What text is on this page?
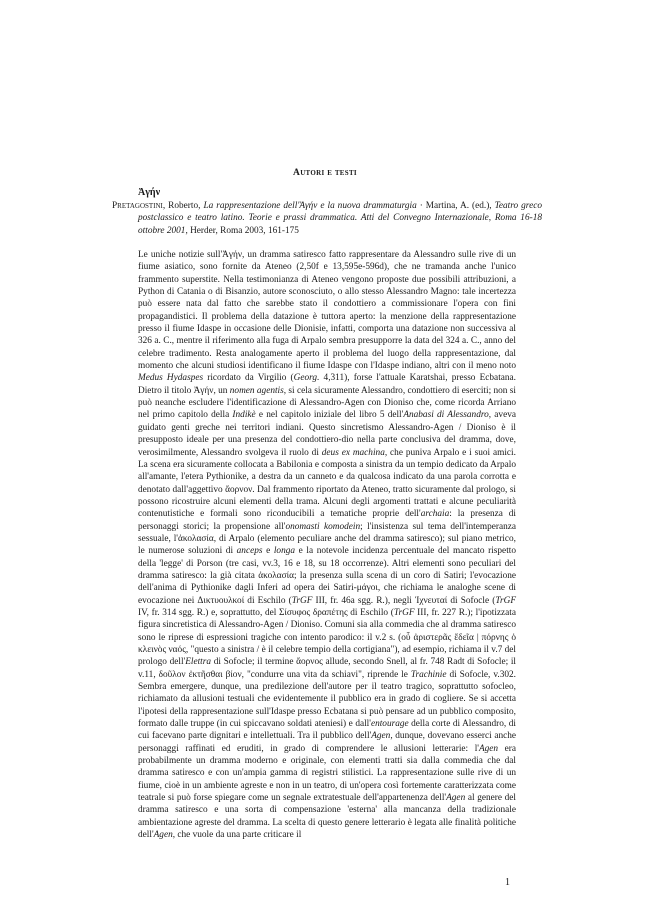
Autori e testi
Ἀγήν
Pretagostini, Roberto, La rappresentazione dell'Ἀγήν e la nuova drammaturgia · Martina, A. (ed.), Teatro greco postclassico e teatro latino. Teorie e prassi drammatica. Atti del Convegno Internazionale, Roma 16-18 ottobre 2001, Herder, Roma 2003, 161-175
Le uniche notizie sull'Ἀγήν, un dramma satiresco fatto rappresentare da Alessandro sulle rive di un fiume asiatico, sono fornite da Ateneo (2,50f e 13,595e-596d), che ne tramanda anche l'unico frammento superstite. Nella testimonianza di Ateneo vengono proposte due possibili attribuzioni, a Python di Catania o di Bisanzio, autore sconosciuto, o allo stesso Alessandro Magno: tale incertezza può essere nata dal fatto che sarebbe stato il condottiero a commissionare l'opera con fini propagandistici. Il problema della datazione è tuttora aperto: la menzione della rappresentazione presso il fiume Idaspe in occasione delle Dionisie, infatti, comporta una datazione non successiva al 326 a. C., mentre il riferimento alla fuga di Arpalo sembra presupporre la data del 324 a. C., anno del celebre tradimento. Resta analogamente aperto il problema del luogo della rappresentazione, dal momento che alcuni studiosi identificano il fiume Idaspe con l'Idaspe indiano, altri con il meno noto Medus Hydaspes ricordato da Virgilio (Georg. 4,311), forse l'attuale Karatshai, presso Ecbatana. Dietro il titolo Ἀγήν, un nomen agentis, si cela sicuramente Alessandro, condottiero di eserciti; non si può neanche escludere l'identificazione di Alessandro-Agen con Dioniso che, come ricorda Arriano nel primo capitolo della Indikè e nel capitolo iniziale del libro 5 dell'Anabasi di Alessandro, aveva guidato genti greche nei territori indiani. Questo sincretismo Alessandro-Agen / Dioniso è il presupposto ideale per una presenza del condottiero-dio nella parte conclusiva del dramma, dove, verosimilmente, Alessandro svolgeva il ruolo di deus ex machina, che puniva Arpalo e i suoi amici. La scena era sicuramente collocata a Babilonia e composta a sinistra da un tempio dedicato da Arpalo all'amante, l'etera Pythionike, a destra da un canneto e da qualcosa indicato da una parola corrotta e denotato dall'aggettivo ἄορνον. Dal frammento riportato da Ateneo, tratto sicuramente dal prologo, si possono ricostruire alcuni elementi della trama. Alcuni degli argomenti trattati e alcune peculiarità contenutistiche e formali sono riconducibili a tematiche proprie dell'archaia: la presenza di personaggi storici; la propensione all'onomasti komodein; l'insistenza sul tema dell'intemperanza sessuale, l'ἀκολασία, di Arpalo (elemento peculiare anche del dramma satiresco); sul piano metrico, le numerose soluzioni di anceps e longa e la notevole incidenza percentuale del mancato rispetto della 'legge' di Porson (tre casi, vv.3, 16 e 18, su 18 occorrenze). Altri elementi sono peculiari del dramma satiresco: la già citata ἀκολασία; la presenza sulla scena di un coro di Satiri; l'evocazione dell'anima di Pythionike dagli Inferi ad opera dei Satiri-μάγοι, che richiama le analoghe scene di evocazione nei Δικτυουλκοί di Eschilo (TrGF III, fr. 46a sgg. R.), negli Ἰχνευταί di Sofocle (TrGF IV, fr. 314 sgg. R.) e, soprattutto, del Σίσυφος δραπέτης di Eschilo (TrGF III, fr. 227 R.); l'ipotizzata figura sincretistica di Alessandro-Agen / Dioniso. Comuni sia alla commedia che al dramma satiresco sono le riprese di espressioni tragiche con intento parodico: il v.2 s. (οὗ ἀριστερᾶς ἔδεῖα | πόρνης ὁ κλεινὸς ναός, "questo a sinistra / è il celebre tempio della cortigiana"), ad esempio, richiama il v.7 del prologo dell'Elettra di Sofocle; il termine ἄορνος allude, secondo Snell, al fr. 748 Radt di Sofocle; il v.11, δοῦλον ἐκτῆσθαι βίον, "condurre una vita da schiavi", riprende le Trachinie di Sofocle, v.302. Sembra emergere, dunque, una predilezione dell'autore per il teatro tragico, soprattutto sofocleo, richiamato da allusioni testuali che evidentemente il pubblico era in grado di cogliere. Se si accetta l'ipotesi della rappresentazione sull'Idaspe presso Ecbatana si può pensare ad un pubblico composito, formato dalle truppe (in cui spiccavano soldati ateniesi) e dall'entourage della corte di Alessandro, di cui facevano parte dignitari e intellettuali. Tra il pubblico dell'Agen, dunque, dovevano esserci anche personaggi raffinati ed eruditi, in grado di comprendere le allusioni letterarie: l'Agen era probabilmente un dramma moderno e originale, con elementi tratti sia dalla commedia che dal dramma satiresco e con un'ampia gamma di registri stilistici. La rappresentazione sulle rive di un fiume, cioè in un ambiente agreste e non in un teatro, di un'opera così fortemente caratterizzata come teatrale si può forse spiegare come un segnale extratestuale dell'appartenenza dell'Agen al genere del dramma satiresco e una sorta di compensazione 'esterna' alla mancanza della tradizionale ambientazione agreste del dramma. La scelta di questo genere letterario è legata alle finalità politiche dell'Agen, che vuole da una parte criticare il
1
